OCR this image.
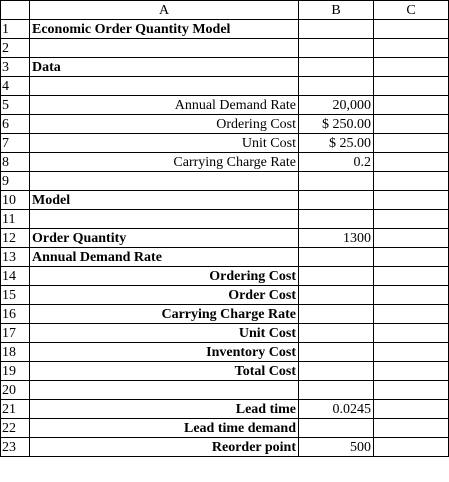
	A	B	C
1	Economic Order Quantity Model		
2			
3	Data		
4			
5	Annual Demand Rate	20,000	
6	Ordering Cost	$ 250.00	
7	Unit Cost	$ 25.00	
8	Carrying Charge Rate	0.2	
9			
10	Model		
11			
12	Order Quantity	1300	
13	Annual Demand Rate		
14	Ordering Cost		
15	Order Cost		
16	Carrying Charge Rate		
17	Unit Cost		
18	Inventory Cost		
19	Total Cost		
20			
21	Lead time	0.0245	
22	Lead time demand		
23	Reorder point	500	
